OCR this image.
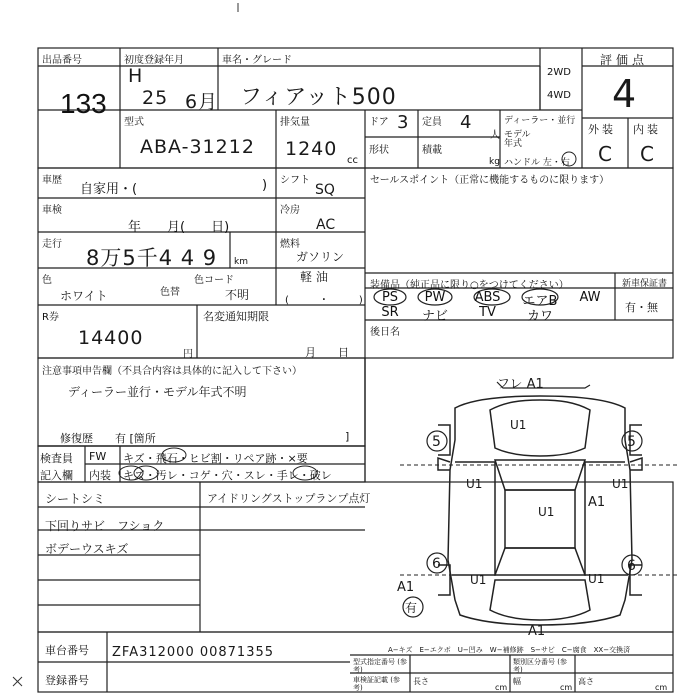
出品番号
133
初度登録年月
H
25 6月
車名・グレード
フィアット500
2WD
4WD
評価点
4
外装 内装
C C
型式
ABA-31212
排気量
1240
cc
ドア 3 定員 4
人
ディーラー・並行
モデル年式
形状	積載
kg ハンドル 左・右
車歴
自家用・(	)
車検
年　　月(　　日)
走行
8万5千4 4 9 km
色
ホワイト	色替
色コード
不明	(　　　・　　　)
R券
14400
円
名変通知期限
月　　日
注意事項申告欄（不具合内容は具体的に記入して下さい）
ディーラー並行・モデル年式不明
修復歴　　有 [箇所	]
シフト
SQ
冷房
AC
燃料
ガソリン
軽 油
セールスポイント（正常に機能するものに限ります）
装備品（純正品に限り○をつけてください）	新車保証書
有・無
PS	PW	ABS	エアB	AW
SR	ナビ	TV	カワ
後日名
検査員
記入欄
FW キズ・飛石・ヒビ割・リペア跡・×要
内装 キズ・汚レ・コゲ・穴・スレ・手レ・破レ
シートシミ
下回りサビ　フショク
ボデーウスキズ
アイドリングストップランプ点灯
フレ A1
U1
5	5
U1	U1
A1
U1
6	6
A1	U1	U1
A1
有
A−キズ　E−エクボ　U−凹み　W−補修跡　S−サビ　C−腐食　XX−交換済
車台番号 ZFA312000 00871355
登録番号
型式指定番号 (参考)
類別区分番号 (参考)
車検証記載 (参考)
長さ
cm
幅
cm
高さ
cm
